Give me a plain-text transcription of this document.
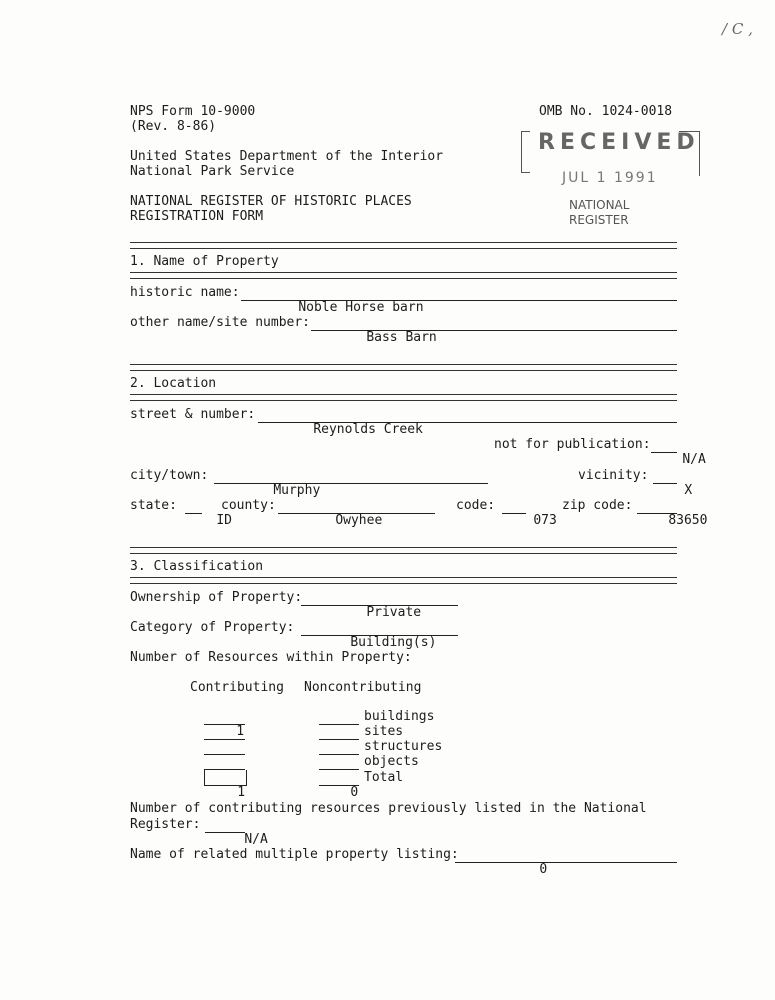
/ C ,
NPS Form 10-9000
(Rev. 8-86)
OMB No. 1024-0018
United States Department of the Interior
National Park Service
NATIONAL REGISTER OF HISTORIC PLACES
REGISTRATION FORM
RECEIVED
JUL 1 1991
NATIONAL
REGISTER
1. Name of Property
historic name:

Noble Horse barn

other name/site number:

Bass Barn

2. Location
street & number:

Reynolds Creek

not for publication:

N/A

city/town:

Murphy

vicinity:

X

state:

ID

county:

Owyhee

code:

073

zip code:

83650

3. Classification
Ownership of Property:

Private

Category of Property:

Building(s)

Number of Resources within Property:
Contributing Noncontributing

1

buildings

sites

structures

objects

1	0
Total
Number of contributing resources previously listed in the National
Register:

N/A

Name of related multiple property listing:

0
